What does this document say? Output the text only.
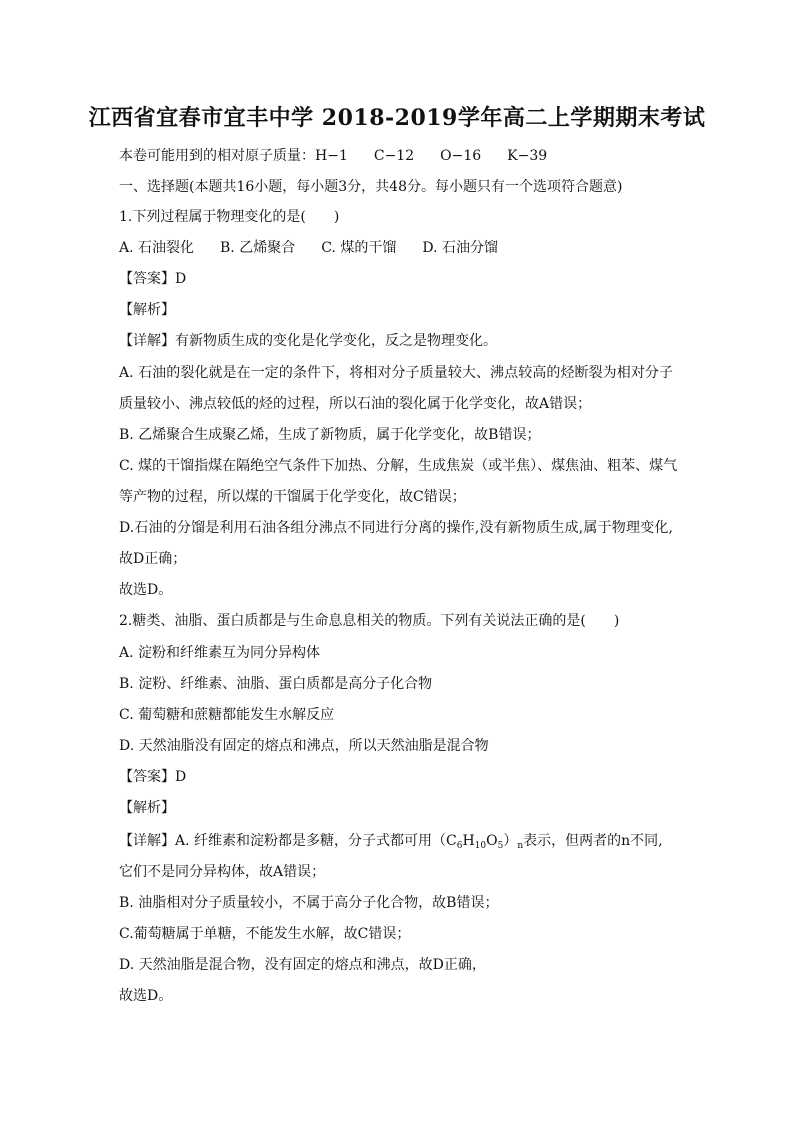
江西省宜春市宜丰中学 2018-2019学年高二上学期期末考试
本卷可能用到的相对原子质量：H−1 C−12 O−16 K−39
一、选择题(本题共16小题，每小题3分，共48分。每小题只有一个选项符合题意)
1.下列过程属于物理变化的是(　　)
A. 石油裂化 B. 乙烯聚合 C. 煤的干馏 D. 石油分馏
【答案】D
【解析】
【详解】有新物质生成的变化是化学变化，反之是物理变化。
A. 石油的裂化就是在一定的条件下，将相对分子质量较大、沸点较高的烃断裂为相对分子
质量较小、沸点较低的烃的过程，所以石油的裂化属于化学变化，故A错误；
B. 乙烯聚合生成聚乙烯，生成了新物质，属于化学变化，故B错误；
C. 煤的干馏指煤在隔绝空气条件下加热、分解，生成焦炭（或半焦）、煤焦油、粗苯、煤气
等产物的过程，所以煤的干馏属于化学变化，故C错误；
D.石油的分馏是利用石油各组分沸点不同进行分离的操作,没有新物质生成,属于物理变化,
故D正确；
故选D。
2.糖类、油脂、蛋白质都是与生命息息相关的物质。下列有关说法正确的是(　　)
A. 淀粉和纤维素互为同分异构体
B. 淀粉、纤维素、油脂、蛋白质都是高分子化合物
C. 葡萄糖和蔗糖都能发生水解反应
D. 天然油脂没有固定的熔点和沸点，所以天然油脂是混合物
【答案】D
【解析】
【详解】A. 纤维素和淀粉都是多糖，分子式都可用$(C_6H_{10}O_5)_n$表示，但两者的n不同,
它们不是同分异构体，故A错误；
B. 油脂相对分子质量较小，不属于高分子化合物，故B错误；
C.葡萄糖属于单糖，不能发生水解，故C错误；
D. 天然油脂是混合物，没有固定的熔点和沸点，故D正确，
故选D。
